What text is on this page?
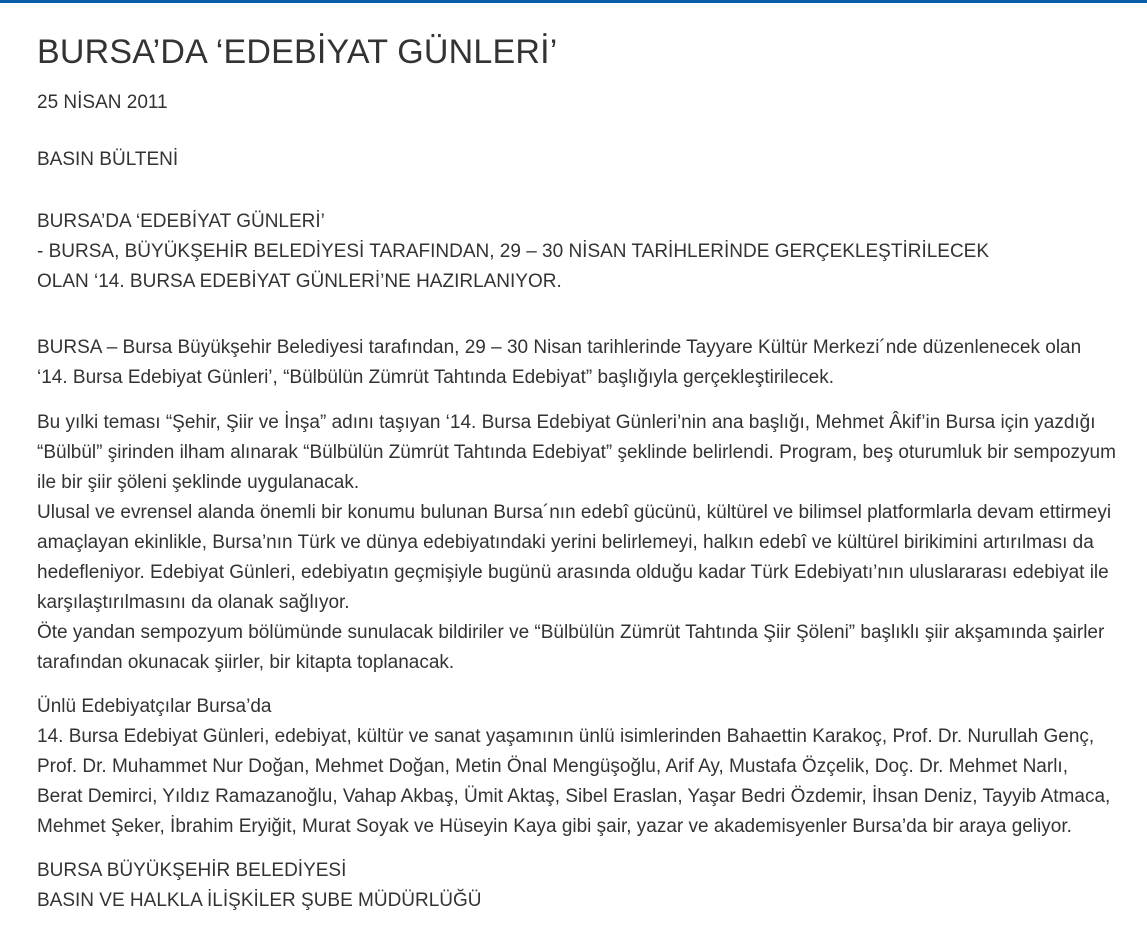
BURSA’DA ‘EDEBİYAT GÜNLERİ’
25 NİSAN 2011
BASIN BÜLTENİ
BURSA’DA ‘EDEBİYAT GÜNLERİ’
- BURSA, BÜYÜKŞEHİR BELEDİYESİ TARAFINDAN, 29 – 30 NİSAN TARİHLERİNDE GERÇEKLEŞTİRİLECEK
OLAN ‘14. BURSA EDEBİYAT GÜNLERİ’NE HAZIRLANIYOR.

BURSA – Bursa Büyükşehir Belediyesi tarafından, 29 – 30 Nisan tarihlerinde Tayyare Kültür Merkezi´nde düzenlenecek olan ‘14. Bursa Edebiyat Günleri’, “Bülbülün Zümrüt Tahtında Edebiyat” başlığıyla gerçekleştirilecek.

Bu yılki teması “Şehir, Şiir ve İnşa” adını taşıyan ‘14. Bursa Edebiyat Günleri’nin ana başlığı, Mehmet Âkif’in Bursa için yazdığı “Bülbül” şirinden ilham alınarak “Bülbülün Zümrüt Tahtında Edebiyat” şeklinde belirlendi. Program, beş oturumluk bir sempozyum ile bir şiir şöleni şeklinde uygulanacak.

Ulusal ve evrensel alanda önemli bir konumu bulunan Bursa´nın edebî gücünü, kültürel ve bilimsel platformlarla devam ettirmeyi amaçlayan ekinlikle, Bursa’nın Türk ve dünya edebiyatındaki yerini belirlemeyi, halkın edebî ve kültürel birikimini artırılması da hedefleniyor. Edebiyat Günleri, edebiyatın geçmişiyle bugünü arasında olduğu kadar Türk Edebiyatı’nın uluslararası edebiyat ile karşılaştırılmasını da olanak sağlıyor.

Öte yandan sempozyum bölümünde sunulacak bildiriler ve “Bülbülün Zümrüt Tahtında Şiir Şöleni” başlıklı şiir akşamında şairler tarafından okunacak şiirler, bir kitapta toplanacak.

Ünlü Edebiyatçılar Bursa’da

14. Bursa Edebiyat Günleri, edebiyat, kültür ve sanat yaşamının ünlü isimlerinden Bahaettin Karakoç, Prof. Dr. Nurullah Genç, Prof. Dr. Muhammet Nur Doğan, Mehmet Doğan, Metin Önal Mengüşoğlu, Arif Ay, Mustafa Özçelik, Doç. Dr. Mehmet Narlı, Berat Demirci, Yıldız Ramazanoğlu, Vahap Akbaş, Ümit Aktaş, Sibel Eraslan, Yaşar Bedri Özdemir, İhsan Deniz, Tayyib Atmaca, Mehmet Şeker, İbrahim Eryiğit, Murat Soyak ve Hüseyin Kaya gibi şair, yazar ve akademisyenler Bursa’da bir araya geliyor.

BURSA BÜYÜKŞEHİR BELEDİYESİ
BASIN VE HALKLA İLİŞKİLER ŞUBE MÜDÜRLÜĞÜ
